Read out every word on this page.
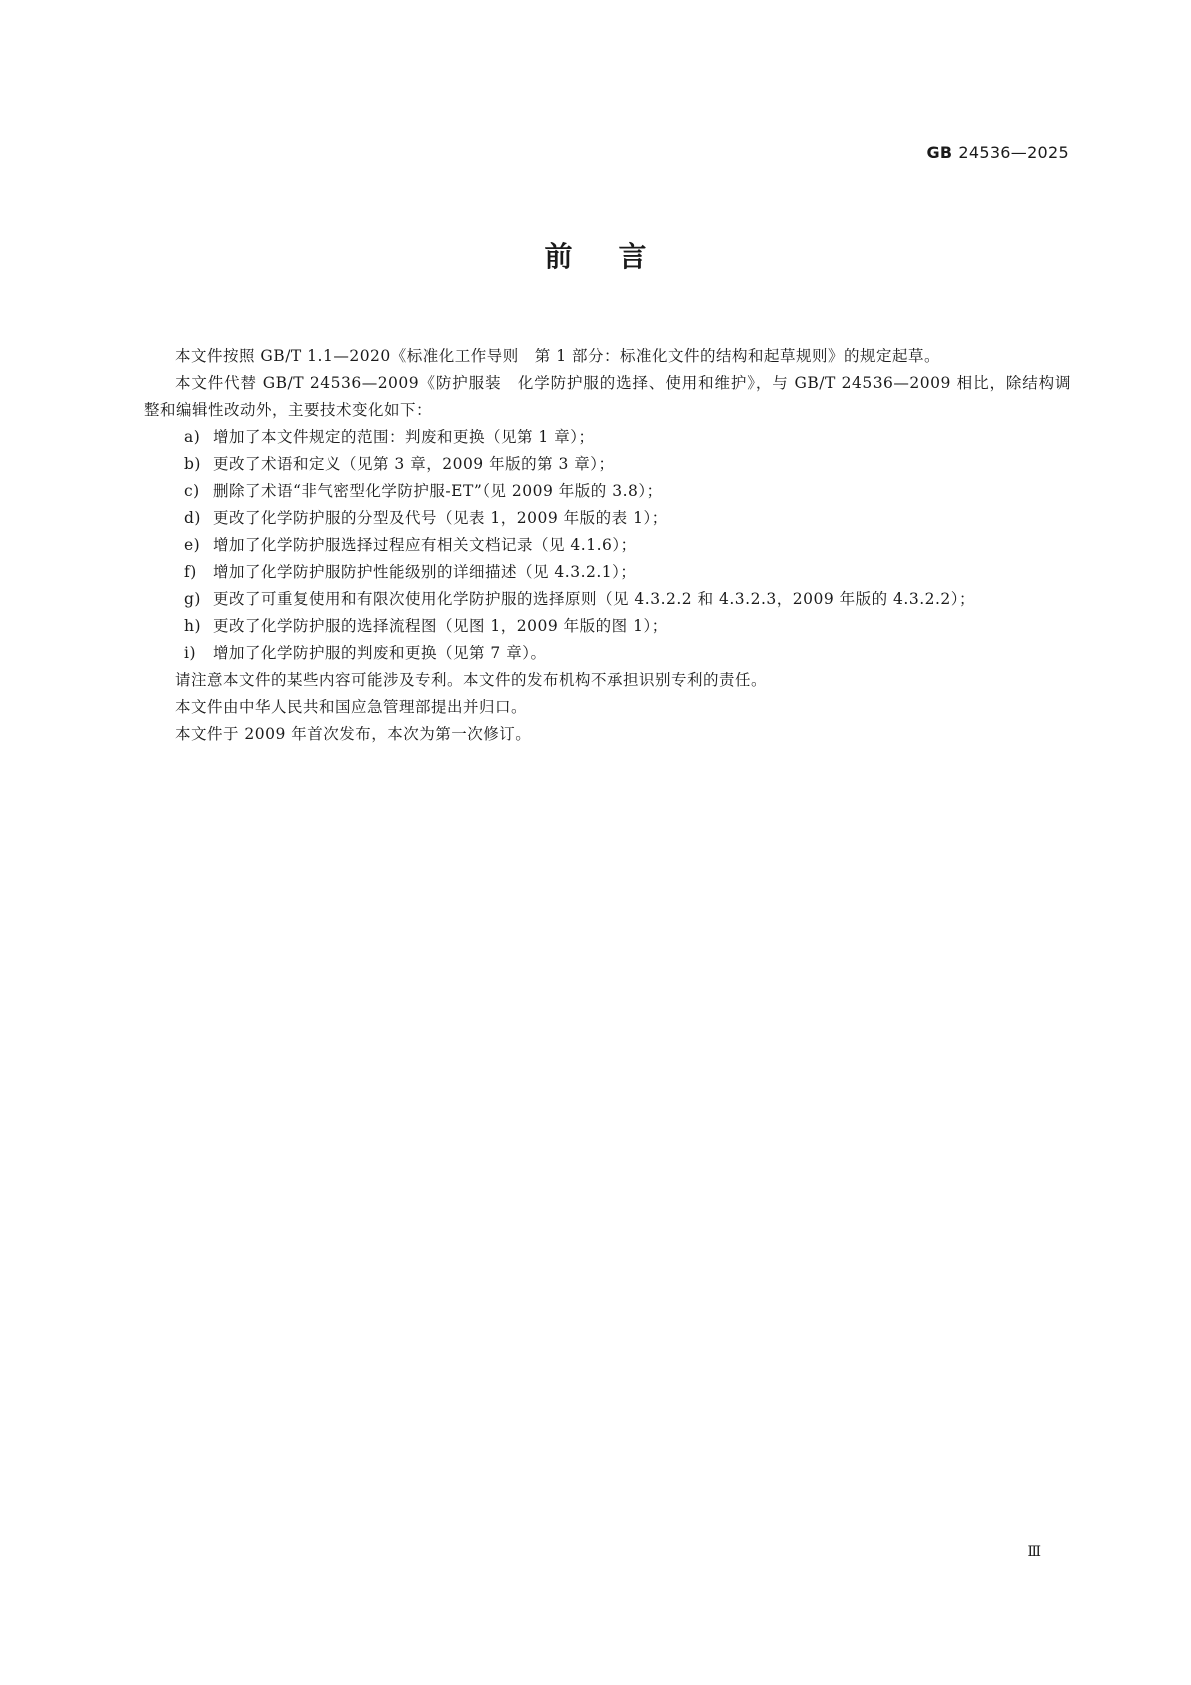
GB 24536—2025
前言

本文件按照 GB/T 1.1—2020《标准化工作导则　第 1 部分：标准化文件的结构和起草规则》的规定起草。

本文件代替 GB/T 24536—2009《防护服装　化学防护服的选择、使用和维护》，与 GB/T 24536—2009 相比，除结构调整和编辑性改动外，主要技术变化如下：

a) 增加了本文件规定的范围：判废和更换（见第 1 章）；

b) 更改了术语和定义（见第 3 章，2009 年版的第 3 章）；

c) 删除了术语“非气密型化学防护服-ET”（见 2009 年版的 3.8）；

d) 更改了化学防护服的分型及代号（见表 1，2009 年版的表 1）；

e) 增加了化学防护服选择过程应有相关文档记录（见 4.1.6）；

f) 增加了化学防护服防护性能级别的详细描述（见 4.3.2.1）；

g) 更改了可重复使用和有限次使用化学防护服的选择原则（见 4.3.2.2 和 4.3.2.3，2009 年版的 4.3.2.2）；

h) 更改了化学防护服的选择流程图（见图 1，2009 年版的图 1）；

i) 增加了化学防护服的判废和更换（见第 7 章）。

请注意本文件的某些内容可能涉及专利。本文件的发布机构不承担识别专利的责任。

本文件由中华人民共和国应急管理部提出并归口。

本文件于 2009 年首次发布，本次为第一次修订。

Ⅲ
